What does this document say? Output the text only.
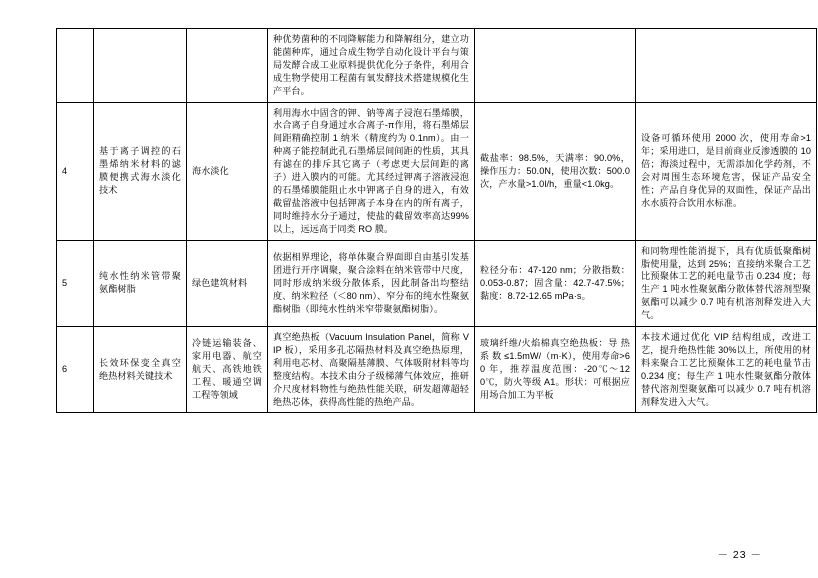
			种优势菌种的不同降解能力和降解组分，建立功能菌种库，通过合成生物学自动化设计平台与策局发酵合成工业原料提供优化分子条件，利用合成生物学使用工程菌有氧发酵技术搭建规模化生产平台。		

4	基于离子调控的石墨烯纳米材料的滤膜便携式海水淡化技术	海水淡化	利用海水中固含的钾、钠等离子浸泡石墨烯膜，水合离子自身通过水合离子-π作用，将石墨烯层间距精确控制 1 纳米（精度约为 0.1nm）。由一种离子能控制此孔石墨烯层间间距的性质，其具有滤在的排斥其它离子（考虑更大层间距的离子）进入膜内的可能。尤其经过钾离子溶液浸泡的石墨烯膜能阻止水中钾离子自身的进入，有效截留盐溶液中包括钾离子本身在内的所有离子，同时维持水分子通过，使盐的截留效率高达99%以上，远远高于同类 RO 膜。	截盐率：98.5%，天满率：90.0%，操作压力：50.0N，使用次数：500.0 次，产水量>1.0l/h，重量<1.0kg。	设备可循环使用 2000 次，使用寿命>1 年；采用进口，是目前商业反渗透膜的 10 倍；海淡过程中，无需添加化学药剂，不会对周围生态环境危害，保证产品安全性；产品自身优异的双面性，保证产品出水水质符合饮用水标准。

5	纯水性纳米管带聚氨酯树脂	绿色建筑材料	依据相界理论，将单体聚合界面即自由基引发基团进行开序调聚，聚合涂料在纳米管带中尺度，同时形成纳米级分散体系，因此制备出均整结度、纳米粒径（＜80 nm）、窄分布的纯水性聚氨酯树脂（即纯水性纳米窄带聚氨酯树脂）。	粒径分布：47-120 nm；分散指数：0.053-0.87；固含量：42.7-47.5%；黏度：8.72-12.65 mPa·s。	和同物理性能消提下，具有优质低聚酯树脂使用量，达到 25%；直接纳米聚合工艺比预聚体工艺的耗电量节击 0.234 度；每生产 1 吨水性聚氨酯分散体替代溶剂型聚氨酯可以减少 0.7 吨有机溶剂释发进入大气。

6	长效环保变全真空绝热材料关键技术	冷链运输装备、家用电器、航空航天、高铁地铁工程、暖通空调工程等领域	真空绝热板（Vacuum Insulation Panel，简称 VIP 板），采用多孔芯隔热材料及真空绝热原理，利用电芯材、高聚隔基薄膜、气体吸附材料等均整度结构。本技术由分子级梯薄气体效应，推研介尺度材料物性与绝热性能关联，研发超薄超轻绝热芯体，获得高性能的热绝产品。	玻璃纤维/火焰棉真空绝热板：导 热 系 数 ≤1.5mW/（m·K），使用寿命>60 年，推荐温度范围：-20℃～120℃，防火等级 A1。形状：可根据应用场合加工为平板	本技术通过优化 VIP 结构组成，改进工艺，提升绝热性能 30%以上，所使用的材料来聚合工艺比预聚体工艺的耗电量节击 0.234 度；每生产 1 吨水性聚氨酯分散体替代溶剂型聚氨酯可以减少 0.7 吨有机溶剂释发进入大气。
－ 23 －
